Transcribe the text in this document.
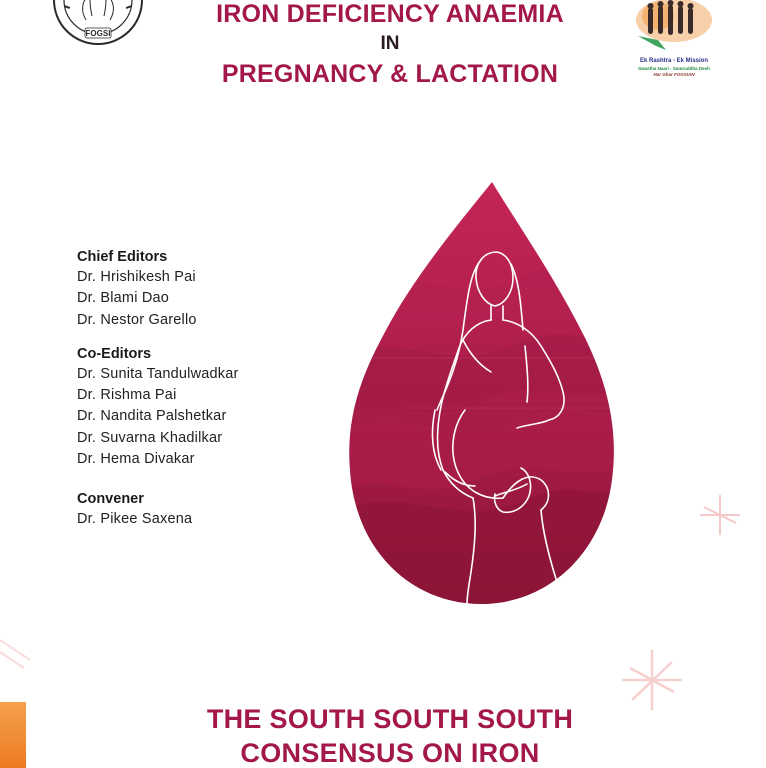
FOGSI
Ek Rashtra - Ek Mission
Swastha Naari - Samruddha Desh
Har Ghar FOGSIAN
IRON DEFICIENCY ANAEMIA
IN
PREGNANCY & LACTATION
Chief Editors
Dr. Hrishikesh Pai
Dr. Blami Dao
Dr. Nestor Garello
Co-Editors
Dr. Sunita Tandulwadkar
Dr. Rishma Pai
Dr. Nandita Palshetkar
Dr. Suvarna Khadilkar
Dr. Hema Divakar
Convener
Dr. Pikee Saxena
THE SOUTH SOUTH SOUTH
CONSENSUS ON IRON
